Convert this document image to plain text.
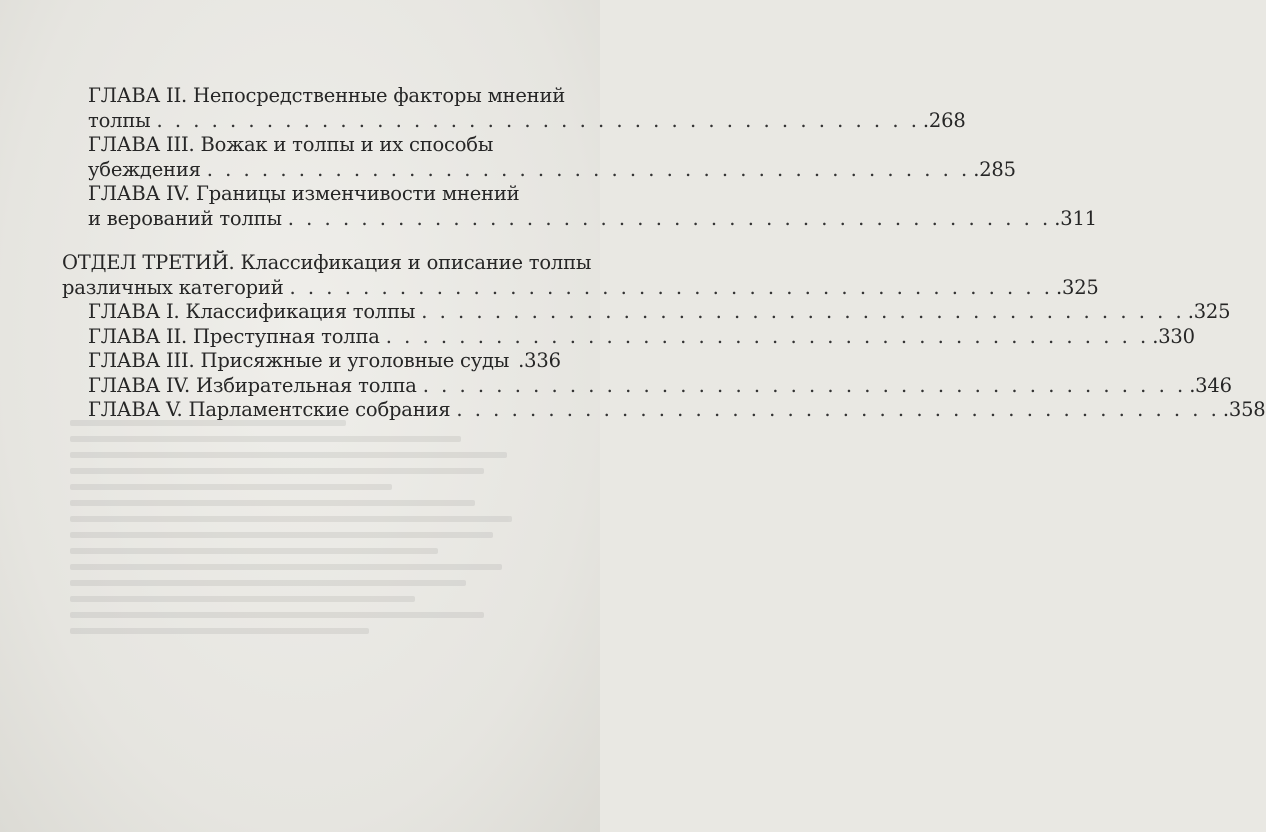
ГЛАВА II. Непосредственные факторы мнений
толпы . . . . . . . . . . . . . . . . . . . . . . . . . . . . . . . . . . . . . . . . . . .268
ГЛАВА III. Вожак и толпы и их способы
убеждения . . . . . . . . . . . . . . . . . . . . . . . . . . . . . . . . . . . . . . . . . . .285
ГЛАВА IV. Границы изменчивости мнений
и верований толпы . . . . . . . . . . . . . . . . . . . . . . . . . . . . . . . . . . . . . . . . . . .311
ОТДЕЛ ТРЕТИЙ. Классификация и описание толпы
различных категорий . . . . . . . . . . . . . . . . . . . . . . . . . . . . . . . . . . . . . . . . . . .325
ГЛАВА I. Классификация толпы . . . . . . . . . . . . . . . . . . . . . . . . . . . . . . . . . . . . . . . . . . .325
ГЛАВА II. Преступная толпа . . . . . . . . . . . . . . . . . . . . . . . . . . . . . . . . . . . . . . . . . . .330
ГЛАВА III. Присяжные и уголовные суды .336
ГЛАВА IV. Избирательная толпа . . . . . . . . . . . . . . . . . . . . . . . . . . . . . . . . . . . . . . . . . . .346
ГЛАВА V. Парламентские собрания . . . . . . . . . . . . . . . . . . . . . . . . . . . . . . . . . . . . . . . . . . .358
